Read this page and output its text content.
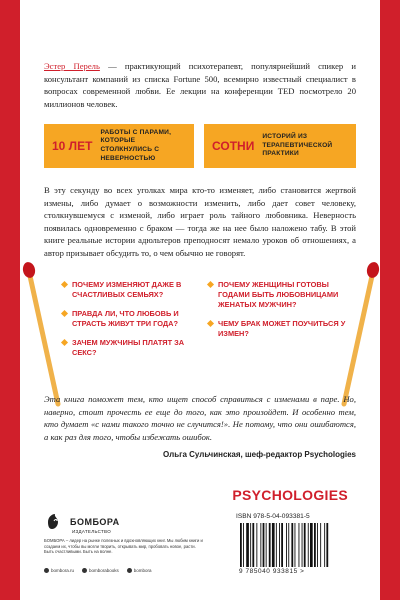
Эстер Перель — практикующий психотерапевт, популярнейший спикер и консультант компаний из списка Fortune 500, всемирно известный специалист в вопросах современной любви. Ее лекции на конференции TED посмотрело 20 миллионов человек.
10 ЛЕТ
РАБОТЫ С ПАРАМИ, КОТОРЫЕ СТОЛКНУЛИСЬ С НЕВЕРНОСТЬЮ
СОТНИ
ИСТОРИЙ ИЗ ТЕРАПЕВТИЧЕСКОЙ ПРАКТИКИ
В эту секунду во всех уголках мира кто-то изменяет, либо становится жертвой измены, либо думает о возможности изменить, либо дает совет человеку, столкнувшемуся с изменой, либо играет роль тайного любовника. Неверность появилась одновременно с браком — тогда же на нее было наложено табу. В этой книге реальные истории адюльтеров преподносят немало уроков об отношениях, а автор призывает обсудить то, о чем обычно не говорят.
ПОЧЕМУ ИЗМЕНЯЮТ ДАЖЕ В СЧАСТЛИВЫХ СЕМЬЯХ?
ПРАВДА ЛИ, ЧТО ЛЮБОВЬ И СТРАСТЬ ЖИВУТ ТРИ ГОДА?
ЗАЧЕМ МУЖЧИНЫ ПЛАТЯТ ЗА СЕКС?
ПОЧЕМУ ЖЕНЩИНЫ ГОТОВЫ ГОДАМИ БЫТЬ ЛЮБОВНИЦАМИ ЖЕНАТЫХ МУЖЧИН?
ЧЕМУ БРАК МОЖЕТ ПОУЧИТЬСЯ У ИЗМЕН?
Эта книга поможет тем, кто ищет способ справиться с изменами в паре. Но, наверно, стоит прочесть ее еще до того, как это произойдет. И особенно тем, кто думает «с нами такого точно не случится!». Не потому, что они ошибаются, а как раз для того, чтобы избежать ошибок.
Ольга Сульчинская, шеф-редактор Psychologies
PSYCHOLOGIES
БОМБОРА
ИЗДАТЕЛЬСТВО
БОМБОРА – лидер на рынке полезных и вдохновляющих книг. Мы любим книги и создаем их, чтобы вы могли творить, открывать мир, пробовать новое, расти. Быть счастливыми. Быть на волне.
bombora.ru	bomborabooks	bombora
ISBN 978-5-04-093381-5
9 785040 933815 >
